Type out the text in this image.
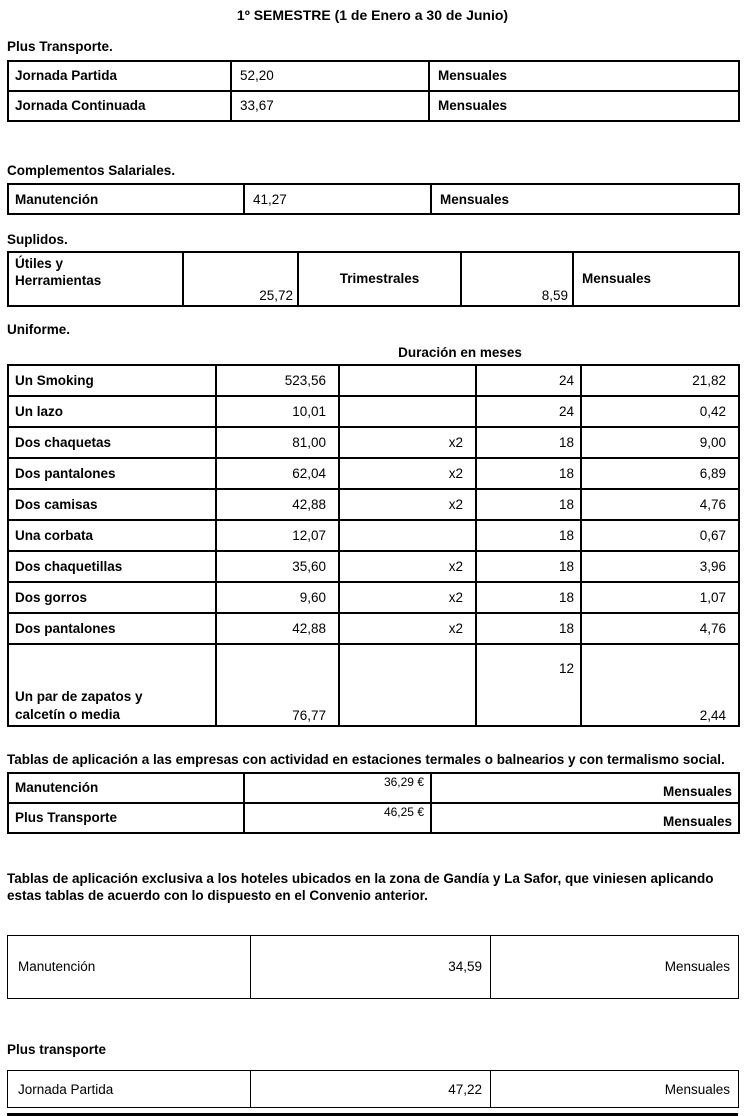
1º SEMESTRE (1 de Enero a 30 de Junio)

Plus Transporte.

Jornada Partida	52,20	Mensuales
Jornada Continuada	33,67	Mensuales

Complementos Salariales.

Manutención	41,27	Mensuales

Suplidos.

Útiles y Herramientas	25,72	Trimestrales	8,59	Mensuales

Uniforme.

Duración en meses
Un Smoking	523,56		24	21,82
Un lazo	10,01		24	0,42
Dos chaquetas	81,00	x2	18	9,00
Dos pantalones	62,04	x2	18	6,89
Dos camisas	42,88	x2	18	4,76
Una corbata	12,07		18	0,67
Dos chaquetillas	35,60	x2	18	3,96
Dos gorros	9,60	x2	18	1,07
Dos pantalones	42,88	x2	18	4,76
Un par de zapatos y calcetín o media	76,77		12	2,44

Tablas de aplicación a las empresas con actividad en estaciones termales o balnearios y con termalismo social.

Manutención	36,29 €	Mensuales
Plus Transporte	46,25 €	Mensuales

Tablas de aplicación exclusiva a los hoteles ubicados en la zona de Gandía y La Safor, que viniesen aplicando estas tablas de acuerdo con lo dispuesto en el Convenio anterior.

Manutención	34,59	Mensuales

Plus transporte

Jornada Partida	47,22	Mensuales
